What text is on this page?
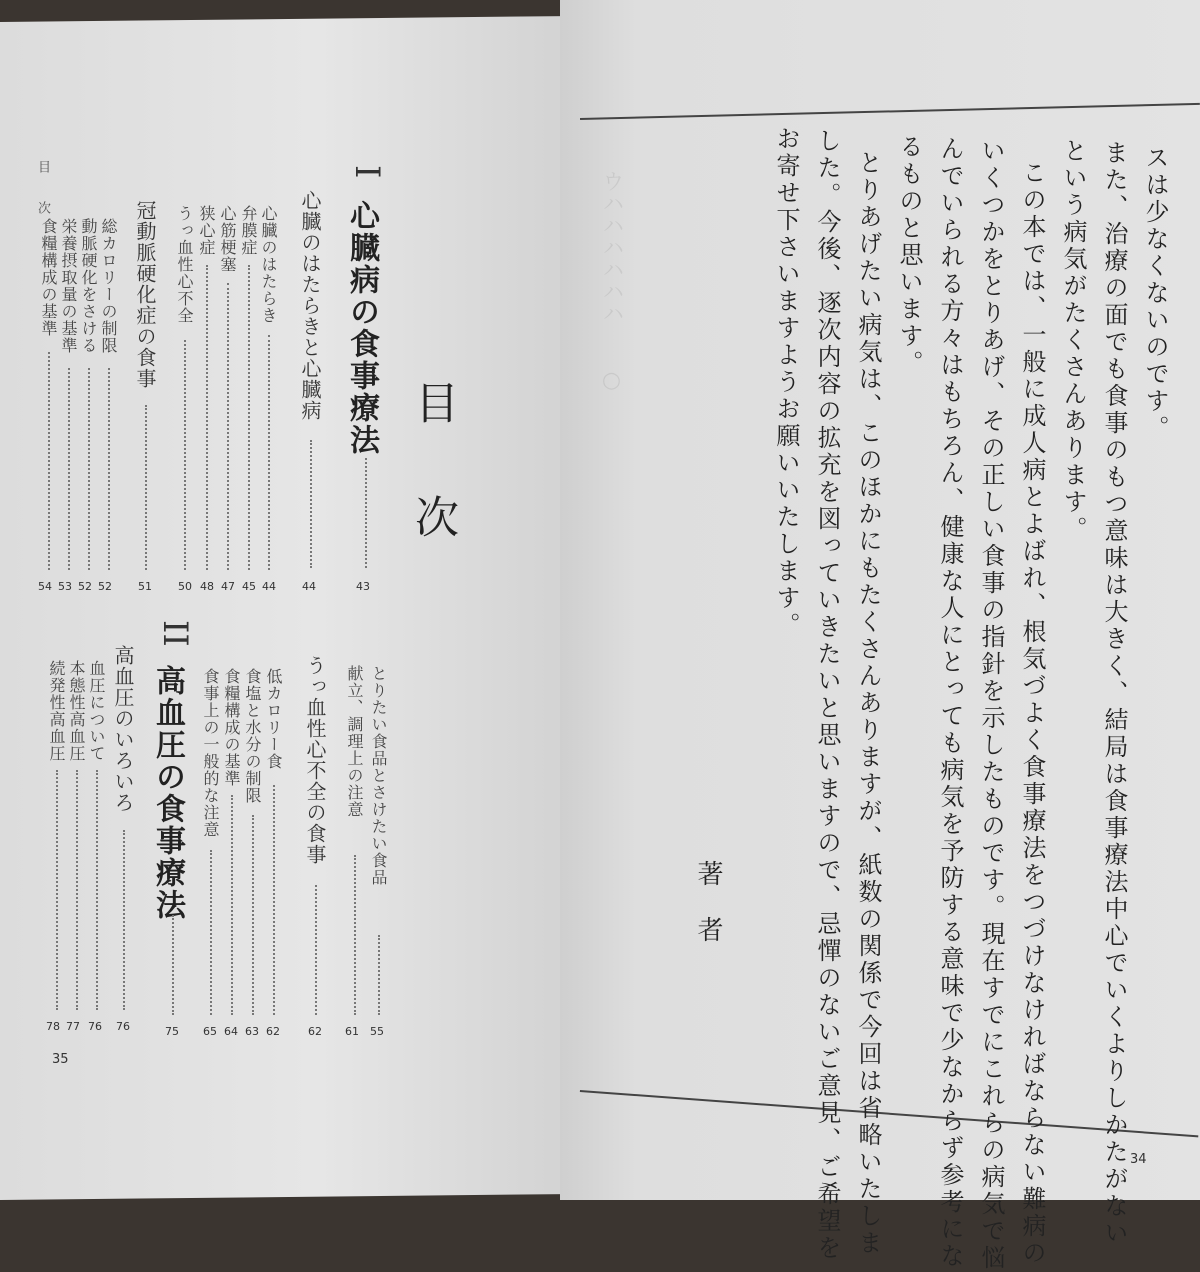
目次
目次
I
心臓病の食事療法
43
心臓のはたらきと心臓病
44
心臓のはたらき
44
弁膜症
45
心筋梗塞
47
狭心症
48
うっ血性心不全
50
冠動脈硬化症の食事
51
総カロリーの制限
52
動脈硬化をさける
52
栄養摂取量の基準
53
食糧構成の基準
54
とりたい食品とさけたい食品
55
献立、調理上の注意
61
うっ血性心不全の食事
62
低カロリー食
62
食塩と水分の制限
63
食糧構成の基準
64
食事上の一般的な注意
65
II
高血圧の食事療法
75
高血圧のいろいろ
76
血圧について
76
本態性高血圧
77
続発性高血圧
78
35
ウハハハハハハ　　○　　　　　　	スは少なくないのです。
また、治療の面でも食事のもつ意味は大きく、結局は食事療法中心でいくよりしかたがない
という病気がたくさんあります。
この本では、一般に成人病とよばれ、根気づよく食事療法をつづけなければならない難病の
いくつかをとりあげ、その正しい食事の指針を示したものです。現在すでにこれらの病気で悩
んでいられる方々はもちろん、健康な人にとっても病気を予防する意味で少なからず参考にな
るものと思います。
とりあげたい病気は、このほかにもたくさんありますが、紙数の関係で今回は省略いたしま
した。今後、逐次内容の拡充を図っていきたいと思いますので、忌憚のないご意見、ご希望を
お寄せ下さいますようお願いいたします。
著者
34
